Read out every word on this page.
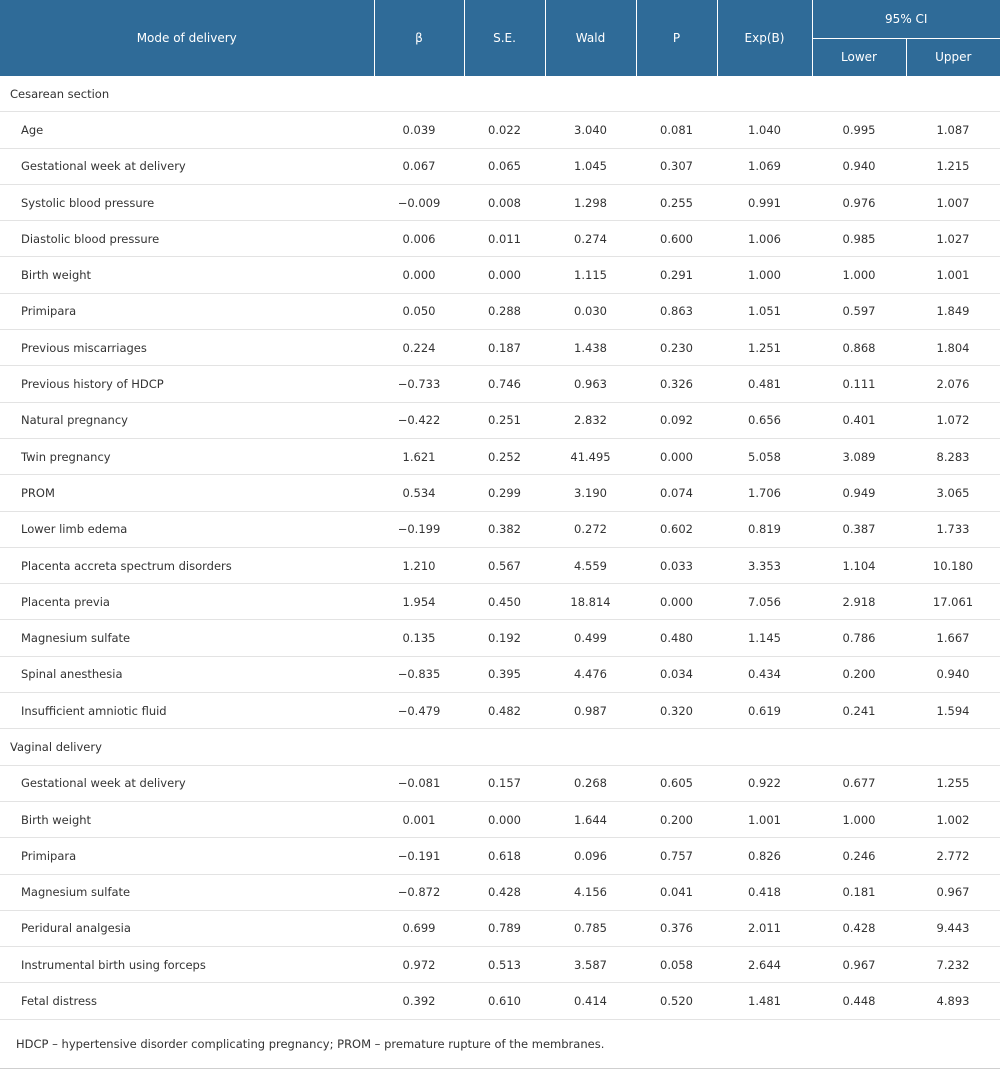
Mode of delivery	β	S.E.	Wald	P	Exp(B)	95% CI	
						Lower	Upper
Cesarean section							
Age	0.039	0.022	3.040	0.081	1.040	0.995	1.087
Gestational week at delivery	0.067	0.065	1.045	0.307	1.069	0.940	1.215
Systolic blood pressure	−0.009	0.008	1.298	0.255	0.991	0.976	1.007
Diastolic blood pressure	0.006	0.011	0.274	0.600	1.006	0.985	1.027
Birth weight	0.000	0.000	1.115	0.291	1.000	1.000	1.001
Primipara	0.050	0.288	0.030	0.863	1.051	0.597	1.849
Previous miscarriages	0.224	0.187	1.438	0.230	1.251	0.868	1.804
Previous history of HDCP	−0.733	0.746	0.963	0.326	0.481	0.111	2.076
Natural pregnancy	−0.422	0.251	2.832	0.092	0.656	0.401	1.072
Twin pregnancy	1.621	0.252	41.495	0.000	5.058	3.089	8.283
PROM	0.534	0.299	3.190	0.074	1.706	0.949	3.065
Lower limb edema	−0.199	0.382	0.272	0.602	0.819	0.387	1.733
Placenta accreta spectrum disorders	1.210	0.567	4.559	0.033	3.353	1.104	10.180
Placenta previa	1.954	0.450	18.814	0.000	7.056	2.918	17.061
Magnesium sulfate	0.135	0.192	0.499	0.480	1.145	0.786	1.667
Spinal anesthesia	−0.835	0.395	4.476	0.034	0.434	0.200	0.940
Insufficient amniotic fluid	−0.479	0.482	0.987	0.320	0.619	0.241	1.594
Vaginal delivery							
Gestational week at delivery	−0.081	0.157	0.268	0.605	0.922	0.677	1.255
Birth weight	0.001	0.000	1.644	0.200	1.001	1.000	1.002
Primipara	−0.191	0.618	0.096	0.757	0.826	0.246	2.772
Magnesium sulfate	−0.872	0.428	4.156	0.041	0.418	0.181	0.967
Peridural analgesia	0.699	0.789	0.785	0.376	2.011	0.428	9.443
Instrumental birth using forceps	0.972	0.513	3.587	0.058	2.644	0.967	7.232
Fetal distress	0.392	0.610	0.414	0.520	1.481	0.448	4.893
HDCP – hypertensive disorder complicating pregnancy; PROM – premature rupture of the membranes.							
